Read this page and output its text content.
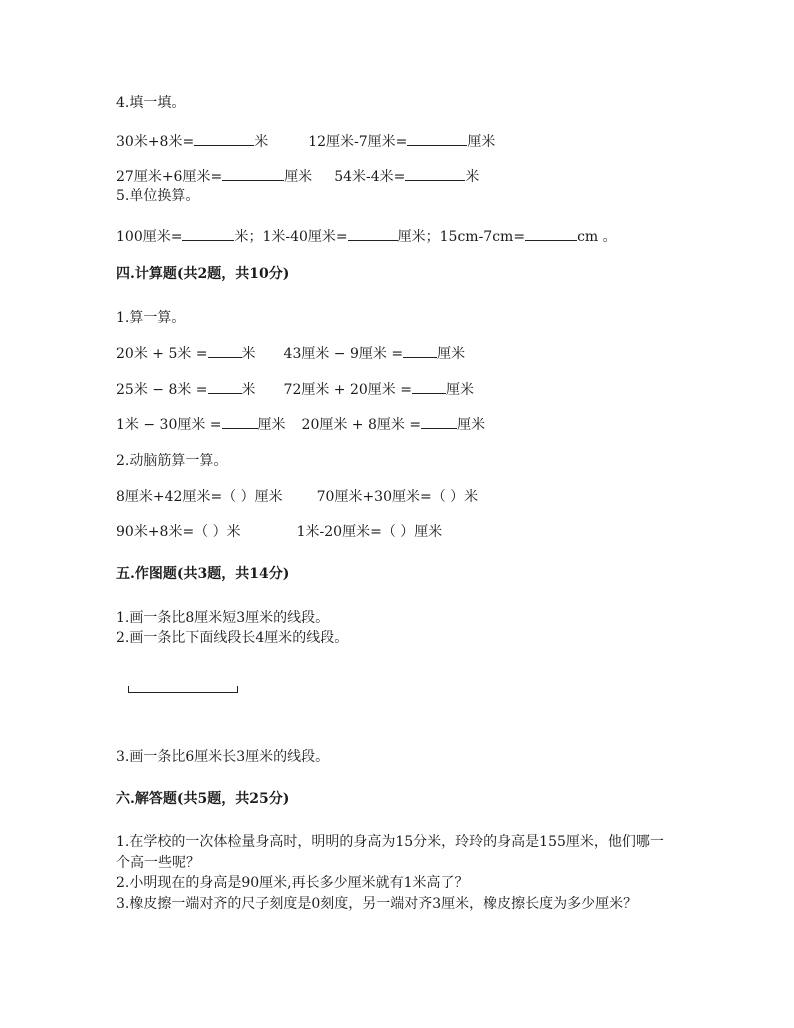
4.填一填。
30米+8米=	米	12厘米-7厘米=	厘米
27厘米+6厘米=	厘米 54米-4米=	米
5.单位换算。
100厘米=	米；1米-40厘米=	厘米；15cm-7cm=	cm 。
四.计算题(共2题，共10分)
1.算一算。
20米 + 5米 = 米 43厘米 − 9厘米 = 厘米
25米 − 8米 = 米 72厘米 + 20厘米 = 厘米
1米 − 30厘米 =	厘米 20厘米 + 8厘米 =	厘米
2.动脑筋算一算。
8厘米+42厘米=（ ）厘米 70厘米+30厘米=（ ）米
90米+8米=（ ）米	1米-20厘米=（ ）厘米
五.作图题(共3题，共14分)
1.画一条比8厘米短3厘米的线段。
2.画一条比下面线段长4厘米的线段。
3.画一条比6厘米长3厘米的线段。
六.解答题(共5题，共25分)
1.在学校的一次体检量身高时，明明的身高为15分米，玲玲的身高是155厘米，他们哪一个高一些呢？
2.小明现在的身高是90厘米,再长多少厘米就有1米高了？
3.橡皮擦一端对齐的尺子刻度是0刻度，另一端对齐3厘米，橡皮擦长度为多少厘米？
